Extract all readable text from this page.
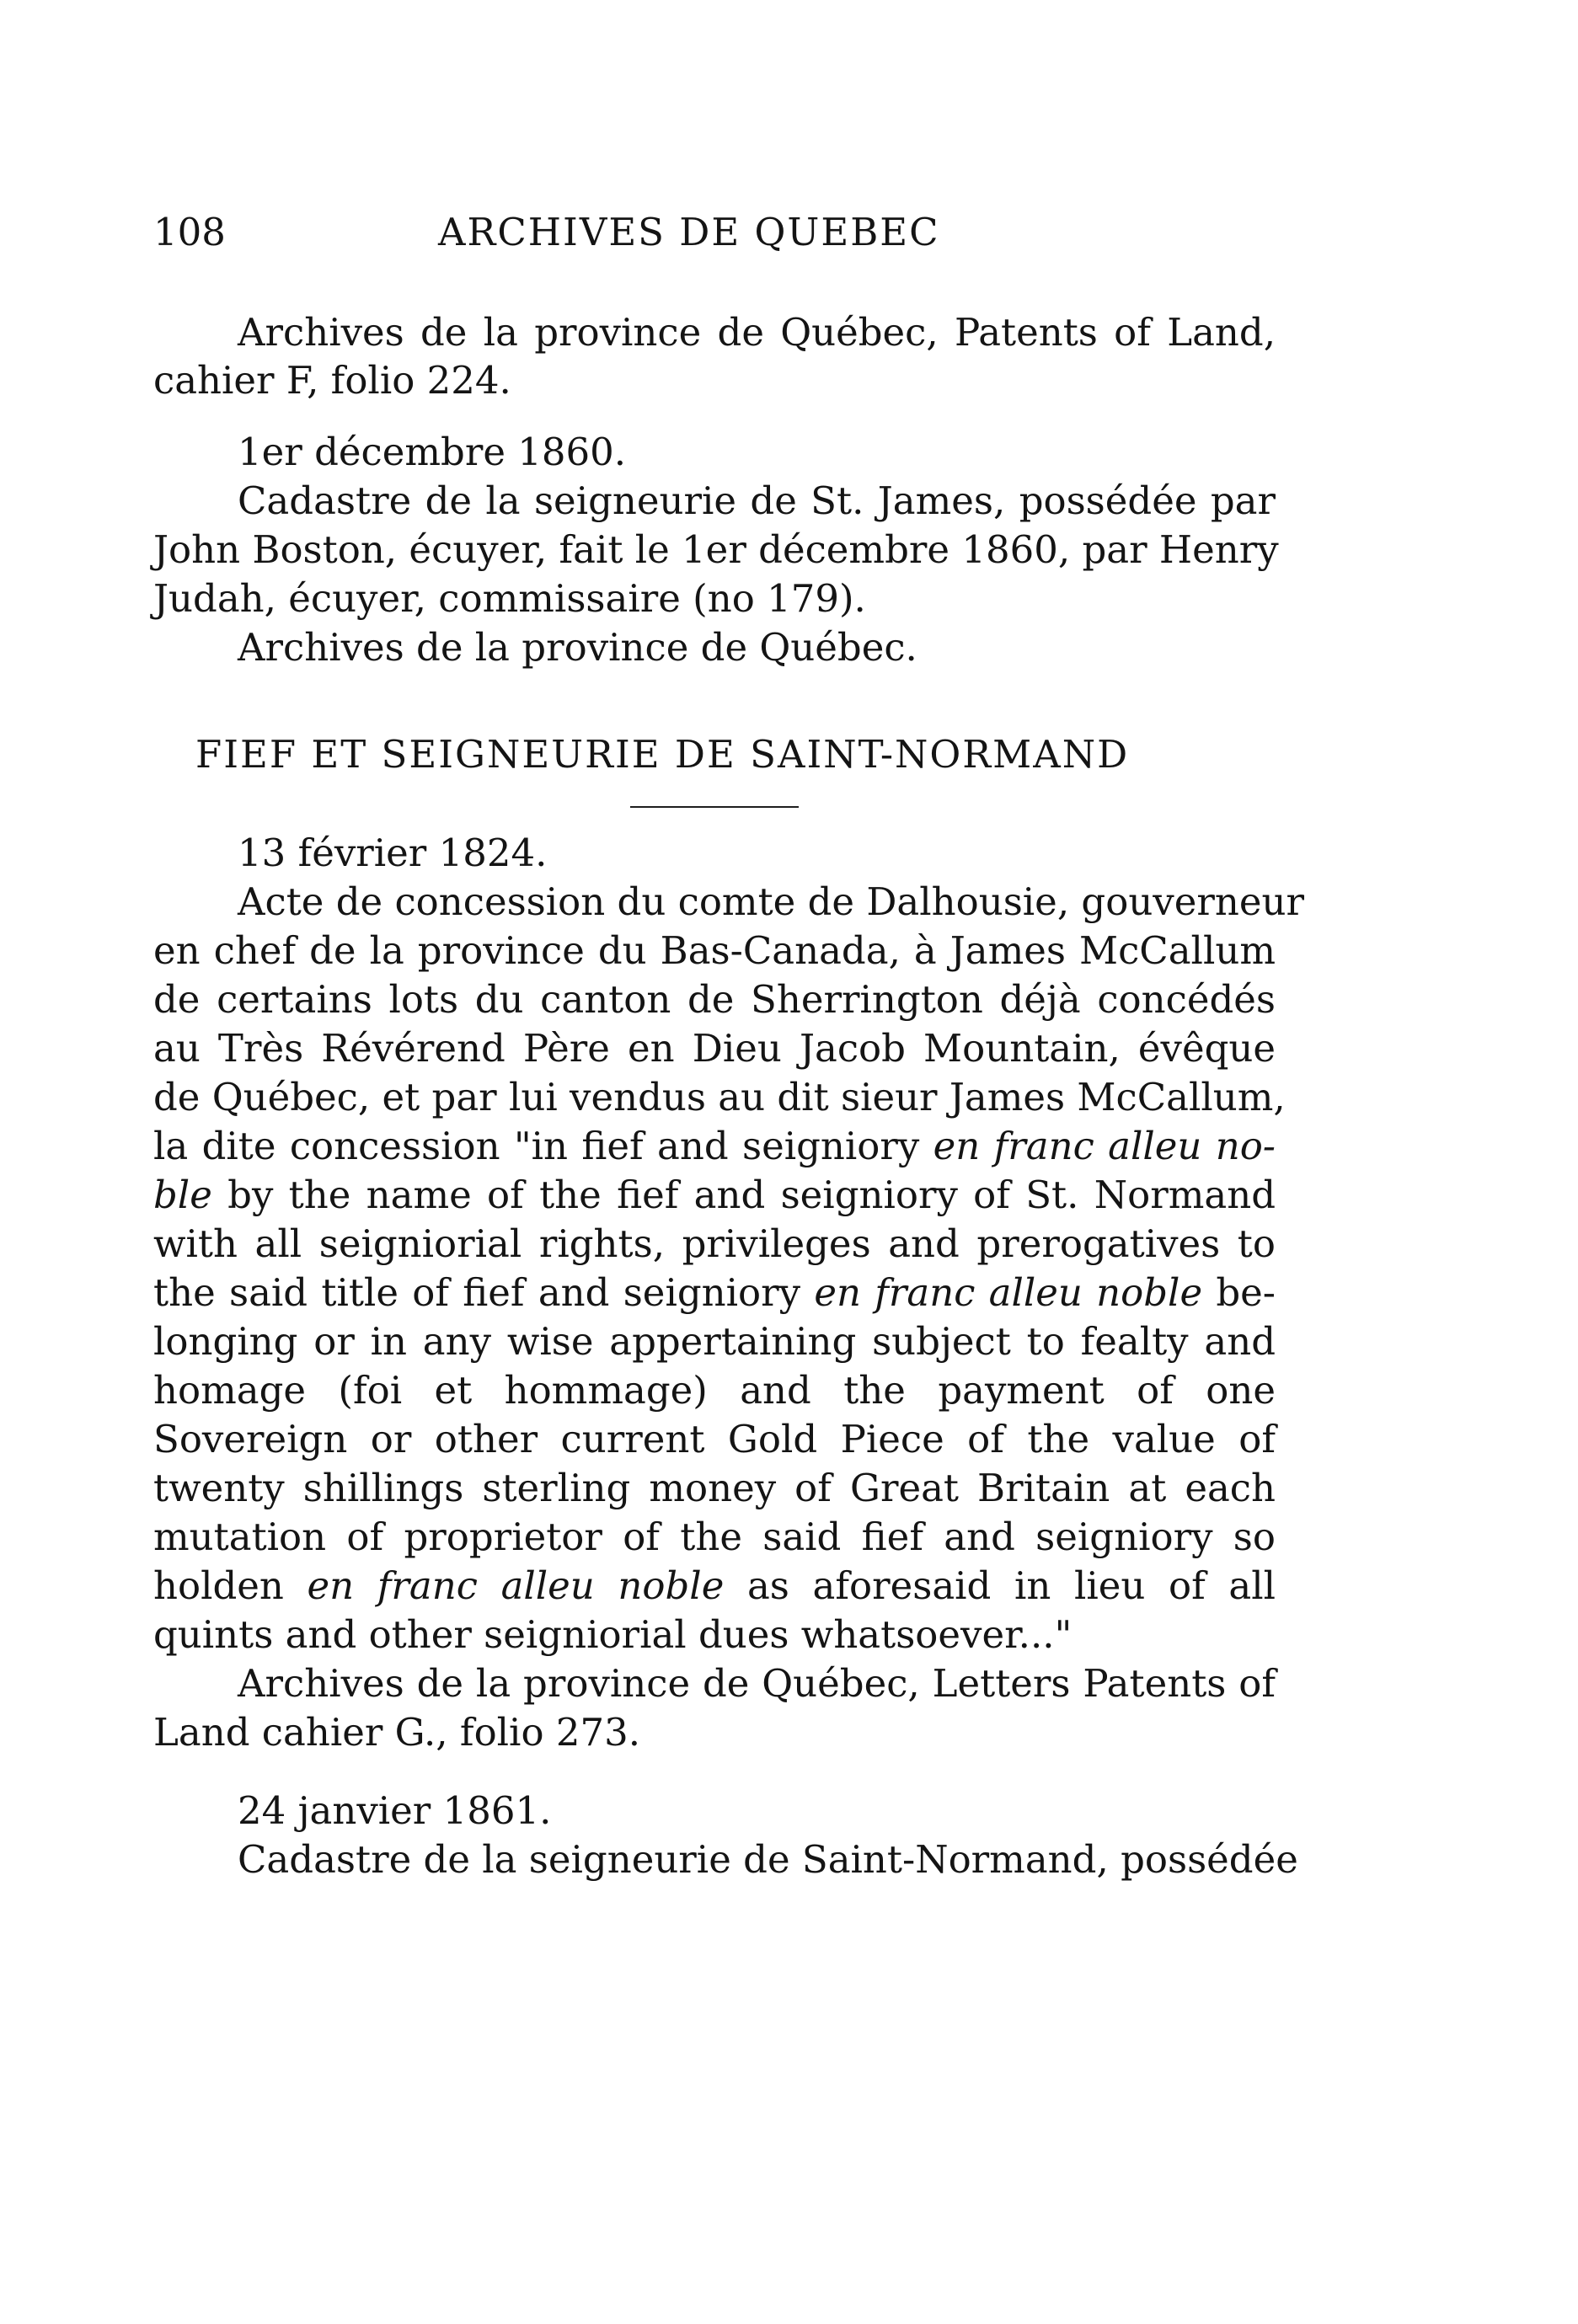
108	ARCHIVES DE QUEBEC
Archives de la province de Québec, Patents of Land,
cahier F, folio 224.
1er décembre 1860.
Cadastre de la seigneurie de St. James, possédée par
John Boston, écuyer, fait le 1er décembre 1860, par Henry
Judah, écuyer, commissaire (no 179).
Archives de la province de Québec.
FIEF ET SEIGNEURIE DE SAINT-NORMAND
13 février 1824.
Acte de concession du comte de Dalhousie, gouverneur
en chef de la province du Bas-Canada, à James McCallum
de certains lots du canton de Sherrington déjà concédés
au Très Révérend Père en Dieu Jacob Mountain, évêque
de Québec, et par lui vendus au dit sieur James McCallum,
la dite concession "in fief and seigniory en franc alleu no-
ble by the name of the fief and seigniory of St. Normand
with all seigniorial rights, privileges and prerogatives to
the said title of fief and seigniory en franc alleu noble be-
longing or in any wise appertaining subject to fealty and
homage (foi et hommage) and the payment of one
Sovereign or other current Gold Piece of the value of
twenty shillings sterling money of Great Britain at each
mutation of proprietor of the said fief and seigniory so
holden en franc alleu noble as aforesaid in lieu of all
quints and other seigniorial dues whatsoever..."
Archives de la province de Québec, Letters Patents of
Land cahier G., folio 273.
24 janvier 1861.
Cadastre de la seigneurie de Saint-Normand, possédée
